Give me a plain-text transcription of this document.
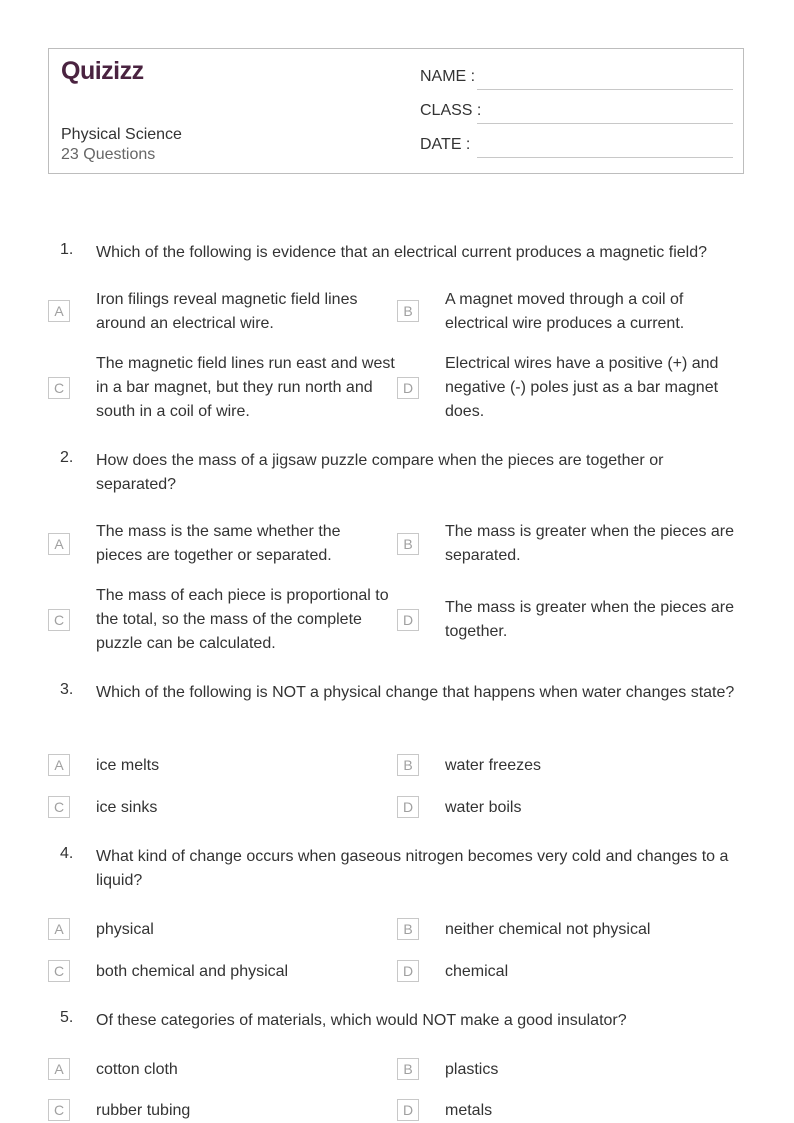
Quizizz
Physical Science
23 Questions
NAME :
CLASS :
DATE :
1. Which of the following is evidence that an electrical current produces a magnetic field?
A
Iron filings reveal magnetic field lines around an electrical wire.
B
A magnet moved through a coil of electrical wire produces a current.
C
The magnetic field lines run east and west in a bar magnet, but they run north and south in a coil of wire.
D
Electrical wires have a positive (+) and negative (-) poles just as a bar magnet does.
2. How does the mass of a jigsaw puzzle compare when the pieces are together or separated?
A
The mass is the same whether the pieces are together or separated.
B
The mass is greater when the pieces are separated.
C
The mass of each piece is proportional to the total, so the mass of the complete puzzle can be calculated.
D
The mass is greater when the pieces are together.
3. Which of the following is NOT a physical change that happens when water changes state?
A	ice melts	B	water freezes
C	ice sinks	D	water boils
4. What kind of change occurs when gaseous nitrogen becomes very cold and changes to a liquid?
A	physical	B	neither chemical not physical
C	both chemical and physical	D	chemical
5. Of these categories of materials, which would NOT make a good insulator?
A	cotton cloth	B	plastics
C	rubber tubing	D	metals
